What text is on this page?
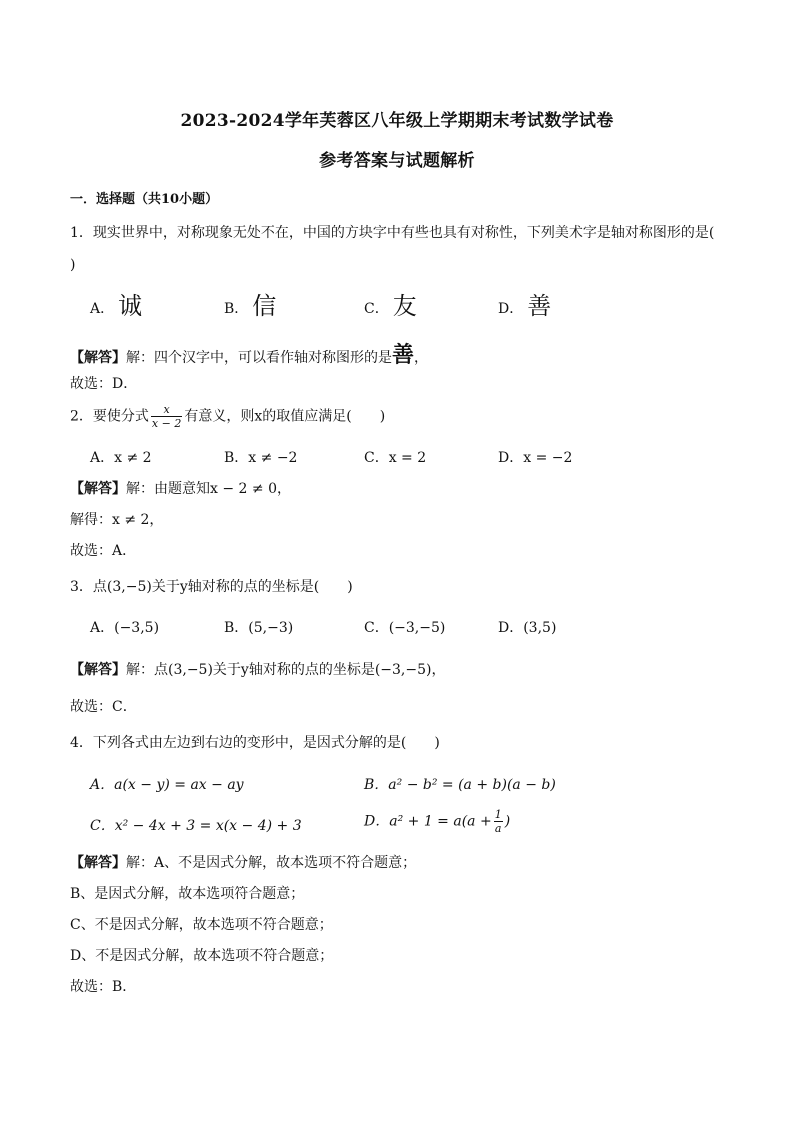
2023-2024学年芙蓉区八年级上学期期末考试数学试卷
参考答案与试题解析
一．选择题（共10小题）
1．现实世界中，对称现象无处不在，中国的方块字中有些也具有对称性，下列美术字是轴对称图形的是(
)
A． 诚	B． 信	C． 友	D． 善
【解答】解：四个汉字中，可以看作轴对称图形的是善，
故选：D．
2．要使分式 $\frac{x}{x - 2}$ 有意义，则x的取值应满足(　　)
A．x ≠ 2	B．x ≠ −2	C．x = 2	D．x = −2
【解答】解：由题意知x − 2 ≠ 0，
解得：x ≠ 2，
故选：A．
3．点(3,−5)关于y轴对称的点的坐标是(　　)
A．(−3,5)	B．(5,−3)	C．(−3,−5)	D．(3,5)
【解答】解：点(3,−5)关于y轴对称的点的坐标是(−3,−5)，
故选：C．
4．下列各式由左边到右边的变形中，是因式分解的是(　　)
A．a(x − y) = ax − ay	B．a² − b² = (a + b)(a − b)
C．x² − 4x + 3 = x(x − 4) + 3	D．$a^2 + 1 = a(a + \frac{1}{a}$ )
【解答】解：A、不是因式分解，故本选项不符合题意；
B、是因式分解，故本选项符合题意；
C、不是因式分解，故本选项不符合题意；
D、不是因式分解，故本选项不符合题意；
故选：B．
